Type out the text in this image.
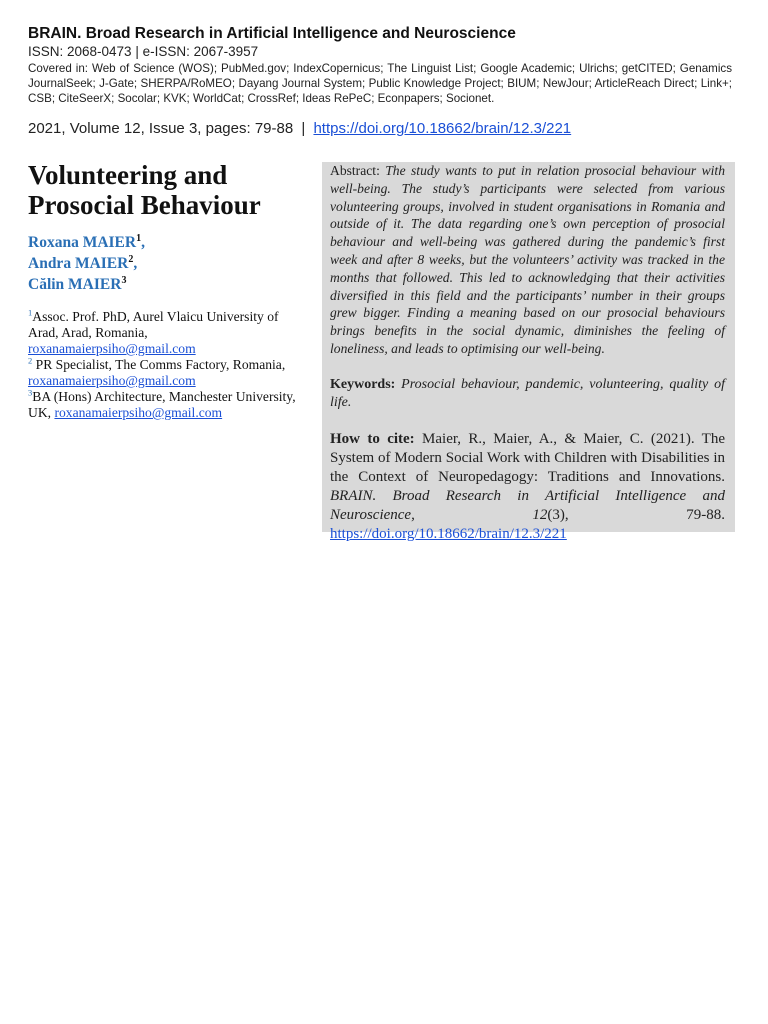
BRAIN. Broad Research in Artificial Intelligence and Neuroscience
ISSN: 2068-0473 | e-ISSN: 2067-3957
Covered in: Web of Science (WOS); PubMed.gov; IndexCopernicus; The Linguist List; Google Academic; Ulrichs; getCITED; Genamics JournalSeek; J-Gate; SHERPA/RoMEO; Dayang Journal System; Public Knowledge Project; BIUM; NewJour; ArticleReach Direct; Link+; CSB; CiteSeerX; Socolar; KVK; WorldCat; CrossRef; Ideas RePeC; Econpapers; Socionet.
2021, Volume 12, Issue 3, pages: 79-88 | https://doi.org/10.18662/brain/12.3/221
Volunteering and Prosocial Behaviour
Roxana MAIER$^1$,
Andra MAIER$^2$,
Călin MAIER$^3$
$^1$Assoc. Prof. PhD, Aurel Vlaicu University of Arad, Arad, Romania,
roxanamaierpsiho@gmail.com
$^2$ PR Specialist, The Comms Factory, Romania,
roxanamaierpsiho@gmail.com
$^3$BA (Hons) Architecture, Manchester University, UK, roxanamaierpsiho@gmail.com

Abstract: The study wants to put in relation prosocial behaviour with well-being. The study’s participants were selected from various volunteering groups, involved in student organisations in Romania and outside of it. The data regarding one’s own perception of prosocial behaviour and well-being was gathered during the pandemic’s first week and after 8 weeks, but the volunteers’ activity was tracked in the months that followed. This led to acknowledging that their activities diversified in this field and the participants’ number in their groups grew bigger. Finding a meaning based on our prosocial behaviours brings benefits in the social dynamic, diminishes the feeling of loneliness, and leads to optimising our well-being.

Keywords: Prosocial behaviour, pandemic, volunteering, quality of life.

How to cite: Maier, R., Maier, A., & Maier, C. (2021). The System of Modern Social Work with Children with Disabilities in the Context of Neuropedagogy: Traditions and Innovations. BRAIN. Broad Research in Artificial Intelligence and Neuroscience,	12(3), 79-88. https://doi.org/10.18662/brain/12.3/221
